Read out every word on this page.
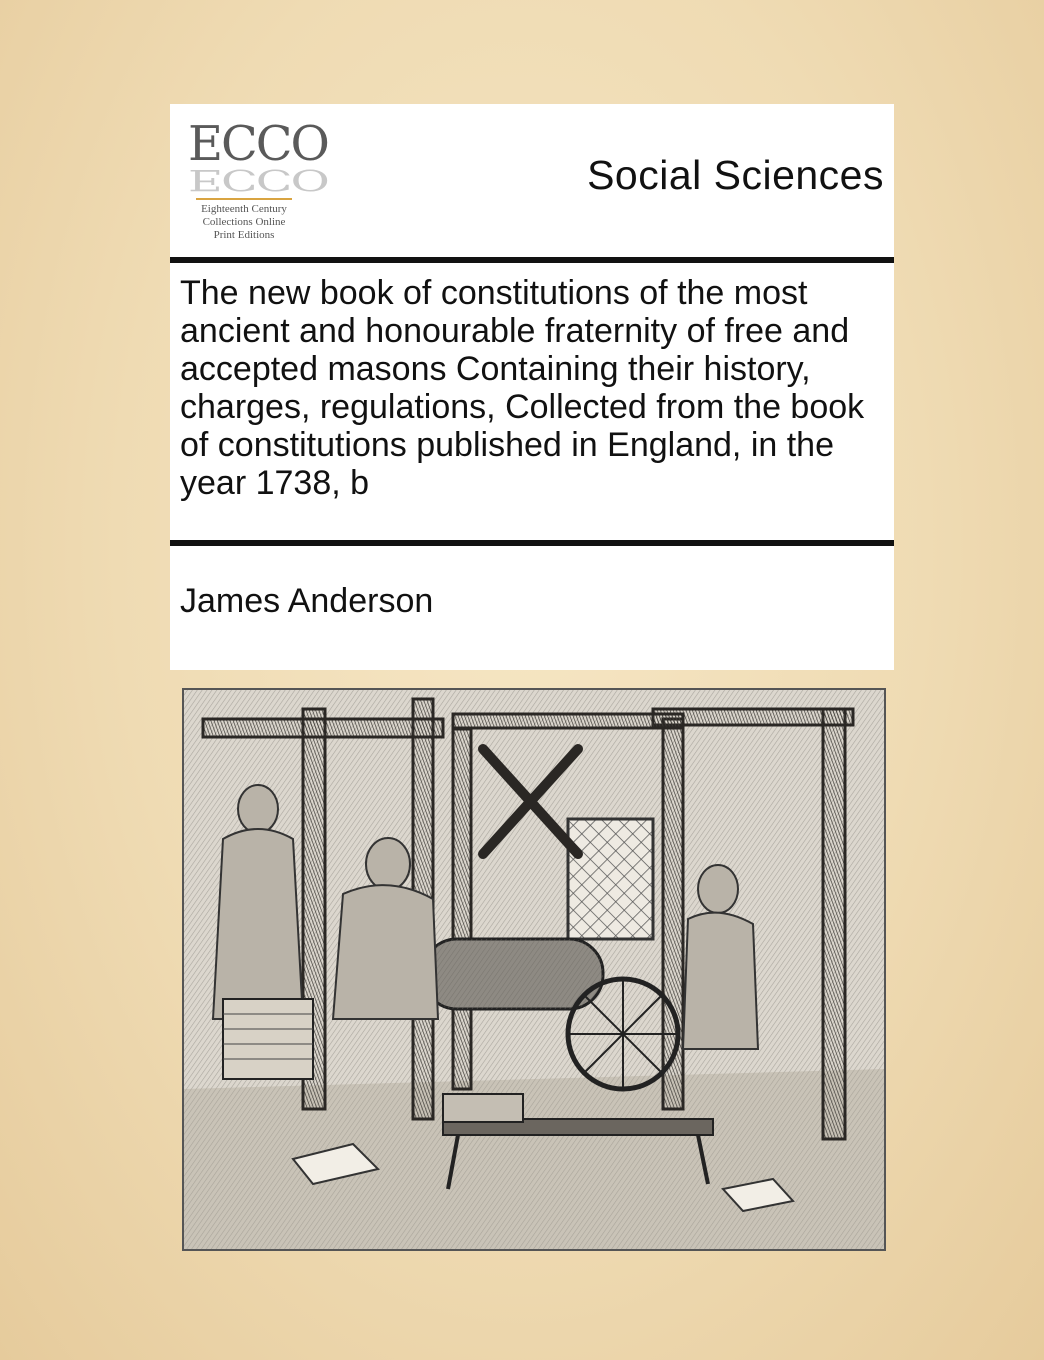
ECCO
ECCO
Eighteenth Century
Collections Online
Print Editions
Social Sciences
The new book of constitutions of the most ancient and honourable fraternity of free and accepted masons Containing their history, charges, regulations, Collected from the book of constitutions published in England, in the year 1738, b
James Anderson
